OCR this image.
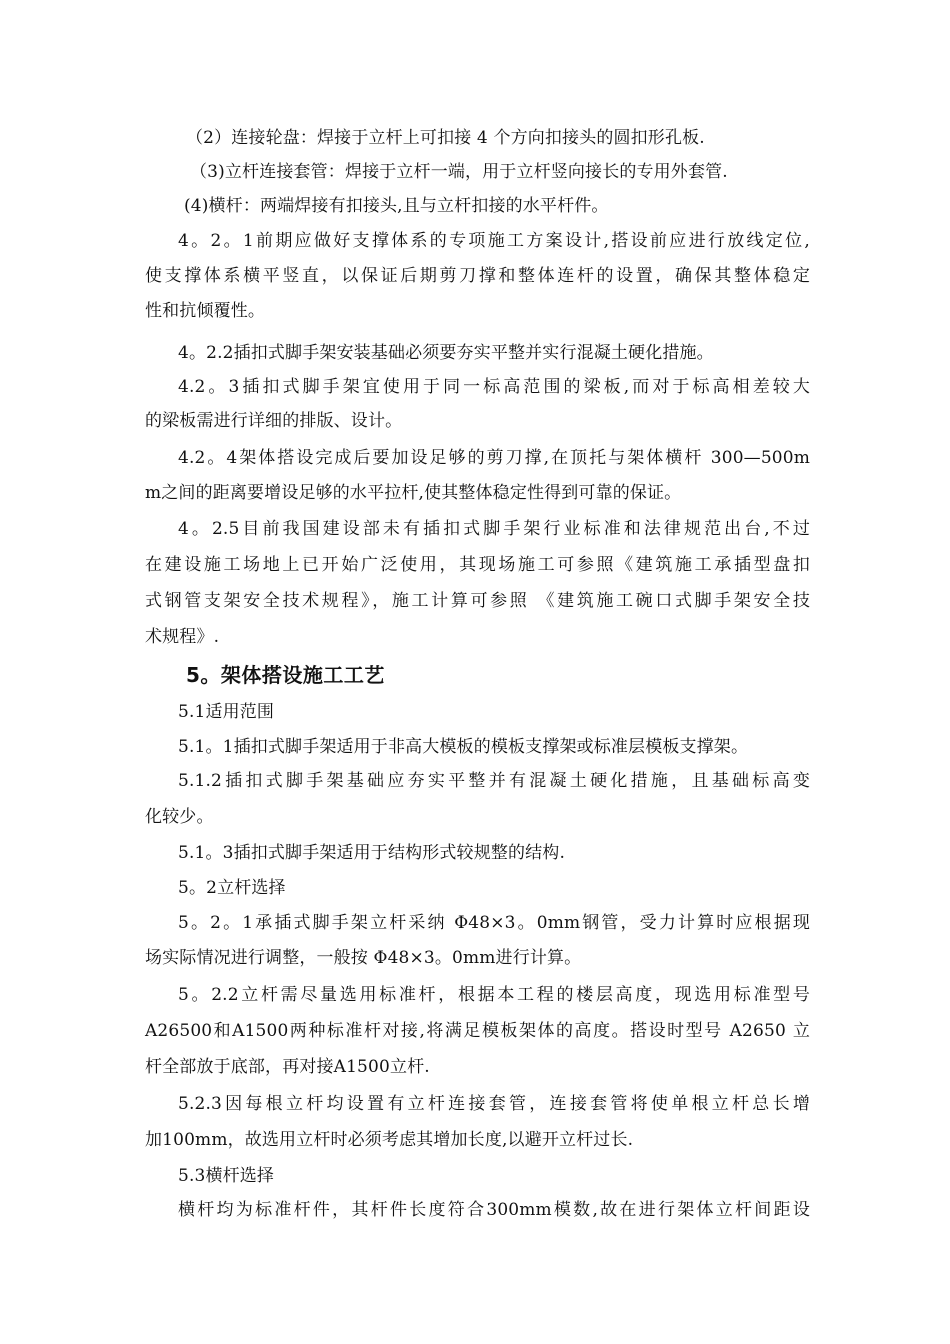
（2）连接轮盘：焊接于立杆上可扣接 4 个方向扣接头的圆扣形孔板.
（3)立杆连接套管：焊接于立杆一端，用于立杆竖向接长的专用外套管.
(4)横杆：两端焊接有扣接头,且与立杆扣接的水平杆件。
4。2。1前期应做好支撑体系的专项施工方案设计,搭设前应进行放线定位,
使支撑体系横平竖直，以保证后期剪刀撑和整体连杆的设置，确保其整体稳定
性和抗倾覆性。
4。2.2插扣式脚手架安装基础必须要夯实平整并实行混凝土硬化措施。
4.2。3插扣式脚手架宜使用于同一标高范围的梁板,而对于标高相差较大
的梁板需进行详细的排版、设计。
4.2。4架体搭设完成后要加设足够的剪刀撑,在顶托与架体横杆 300—500m
m之间的距离要增设足够的水平拉杆,使其整体稳定性得到可靠的保证。
4。2.5目前我国建设部未有插扣式脚手架行业标准和法律规范出台,不过
在建设施工场地上已开始广泛使用，其现场施工可参照《建筑施工承插型盘扣
式钢管支架安全技术规程》，施工计算可参照 《建筑施工碗口式脚手架安全技
术规程》.
5。架体搭设施工工艺
5.1适用范围
5.1。1插扣式脚手架适用于非高大模板的模板支撑架或标准层模板支撑架。
5.1.2插扣式脚手架基础应夯实平整并有混凝土硬化措施，且基础标高变
化较少。
5.1。3插扣式脚手架适用于结构形式较规整的结构.
5。2立杆选择
5。2。1承插式脚手架立杆采纳 Φ48×3。0mm钢管，受力计算时应根据现
场实际情况进行调整，一般按 Φ48×3。0mm进行计算。
5。2.2立杆需尽量选用标准杆，根据本工程的楼层高度，现选用标准型号
A26500和A1500两种标准杆对接,将满足模板架体的高度。搭设时型号 A2650 立
杆全部放于底部，再对接A1500立杆.
5.2.3因每根立杆均设置有立杆连接套管，连接套管将使单根立杆总长增
加100mm，故选用立杆时必须考虑其增加长度,以避开立杆过长.
5.3横杆选择
横杆均为标准杆件，其杆件长度符合300mm模数,故在进行架体立杆间距设
